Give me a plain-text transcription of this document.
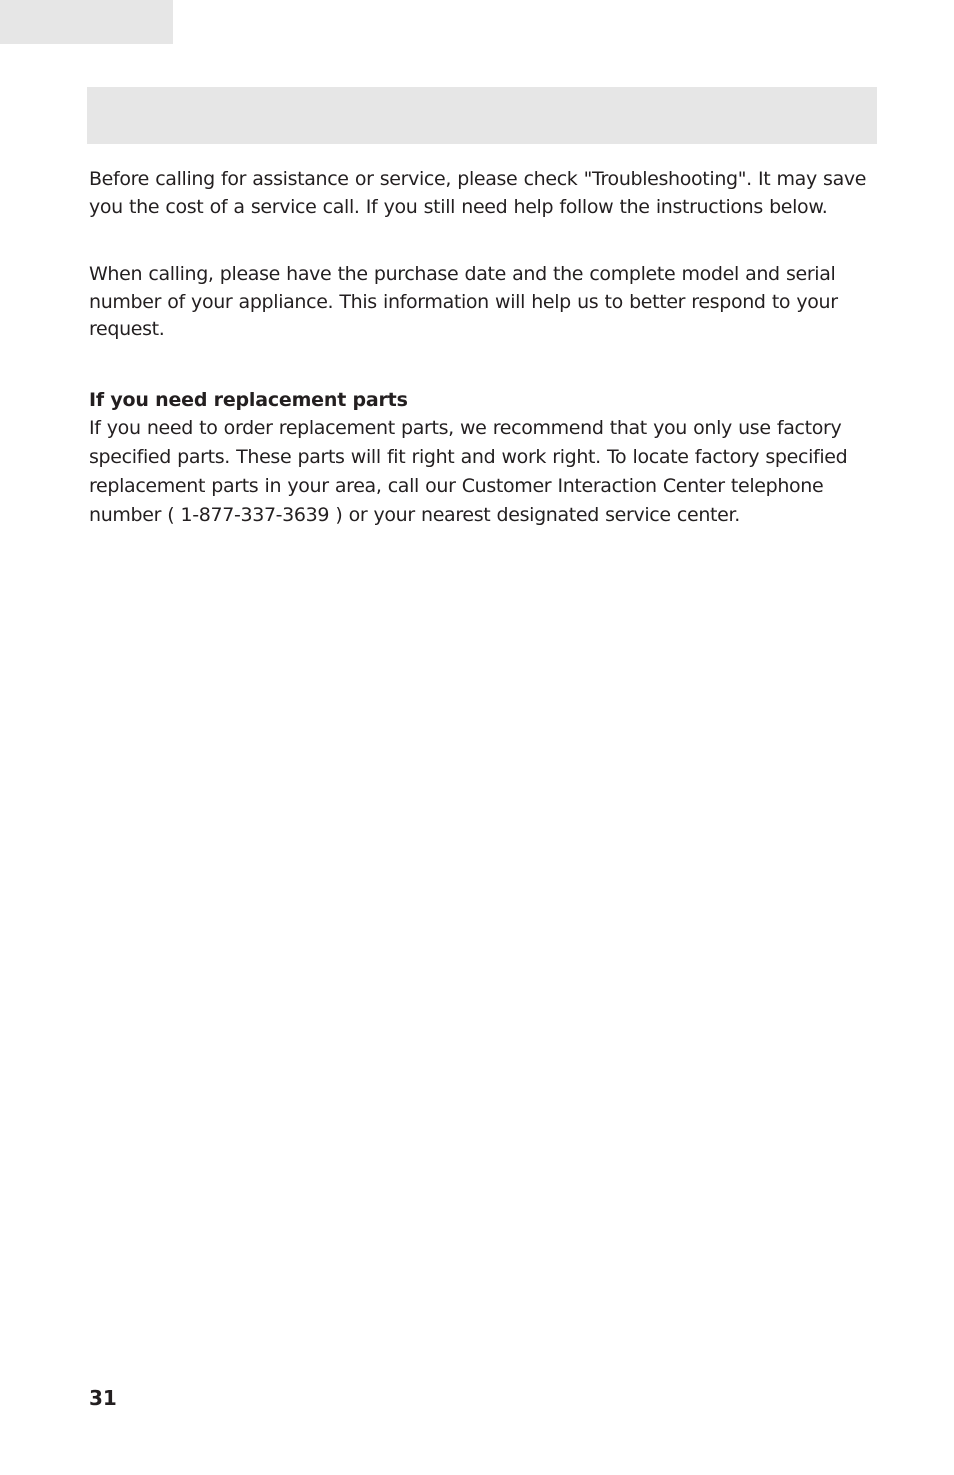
Before calling for assistance or service, please check "Troubleshooting". It may save you the cost of a service call. If you still need help follow the instructions below.

When calling, please have the purchase date and the complete model and serial number of your appliance. This information will help us to better respond to your request.

If you need replacement parts

If you need to order replacement parts, we recommend that you only use factory specified parts. These parts will fit right and work right. To locate factory specified replacement parts in your area, call our Customer Interaction Center telephone number ( 1-877-337-3639 ) or your nearest designated service center.

31
